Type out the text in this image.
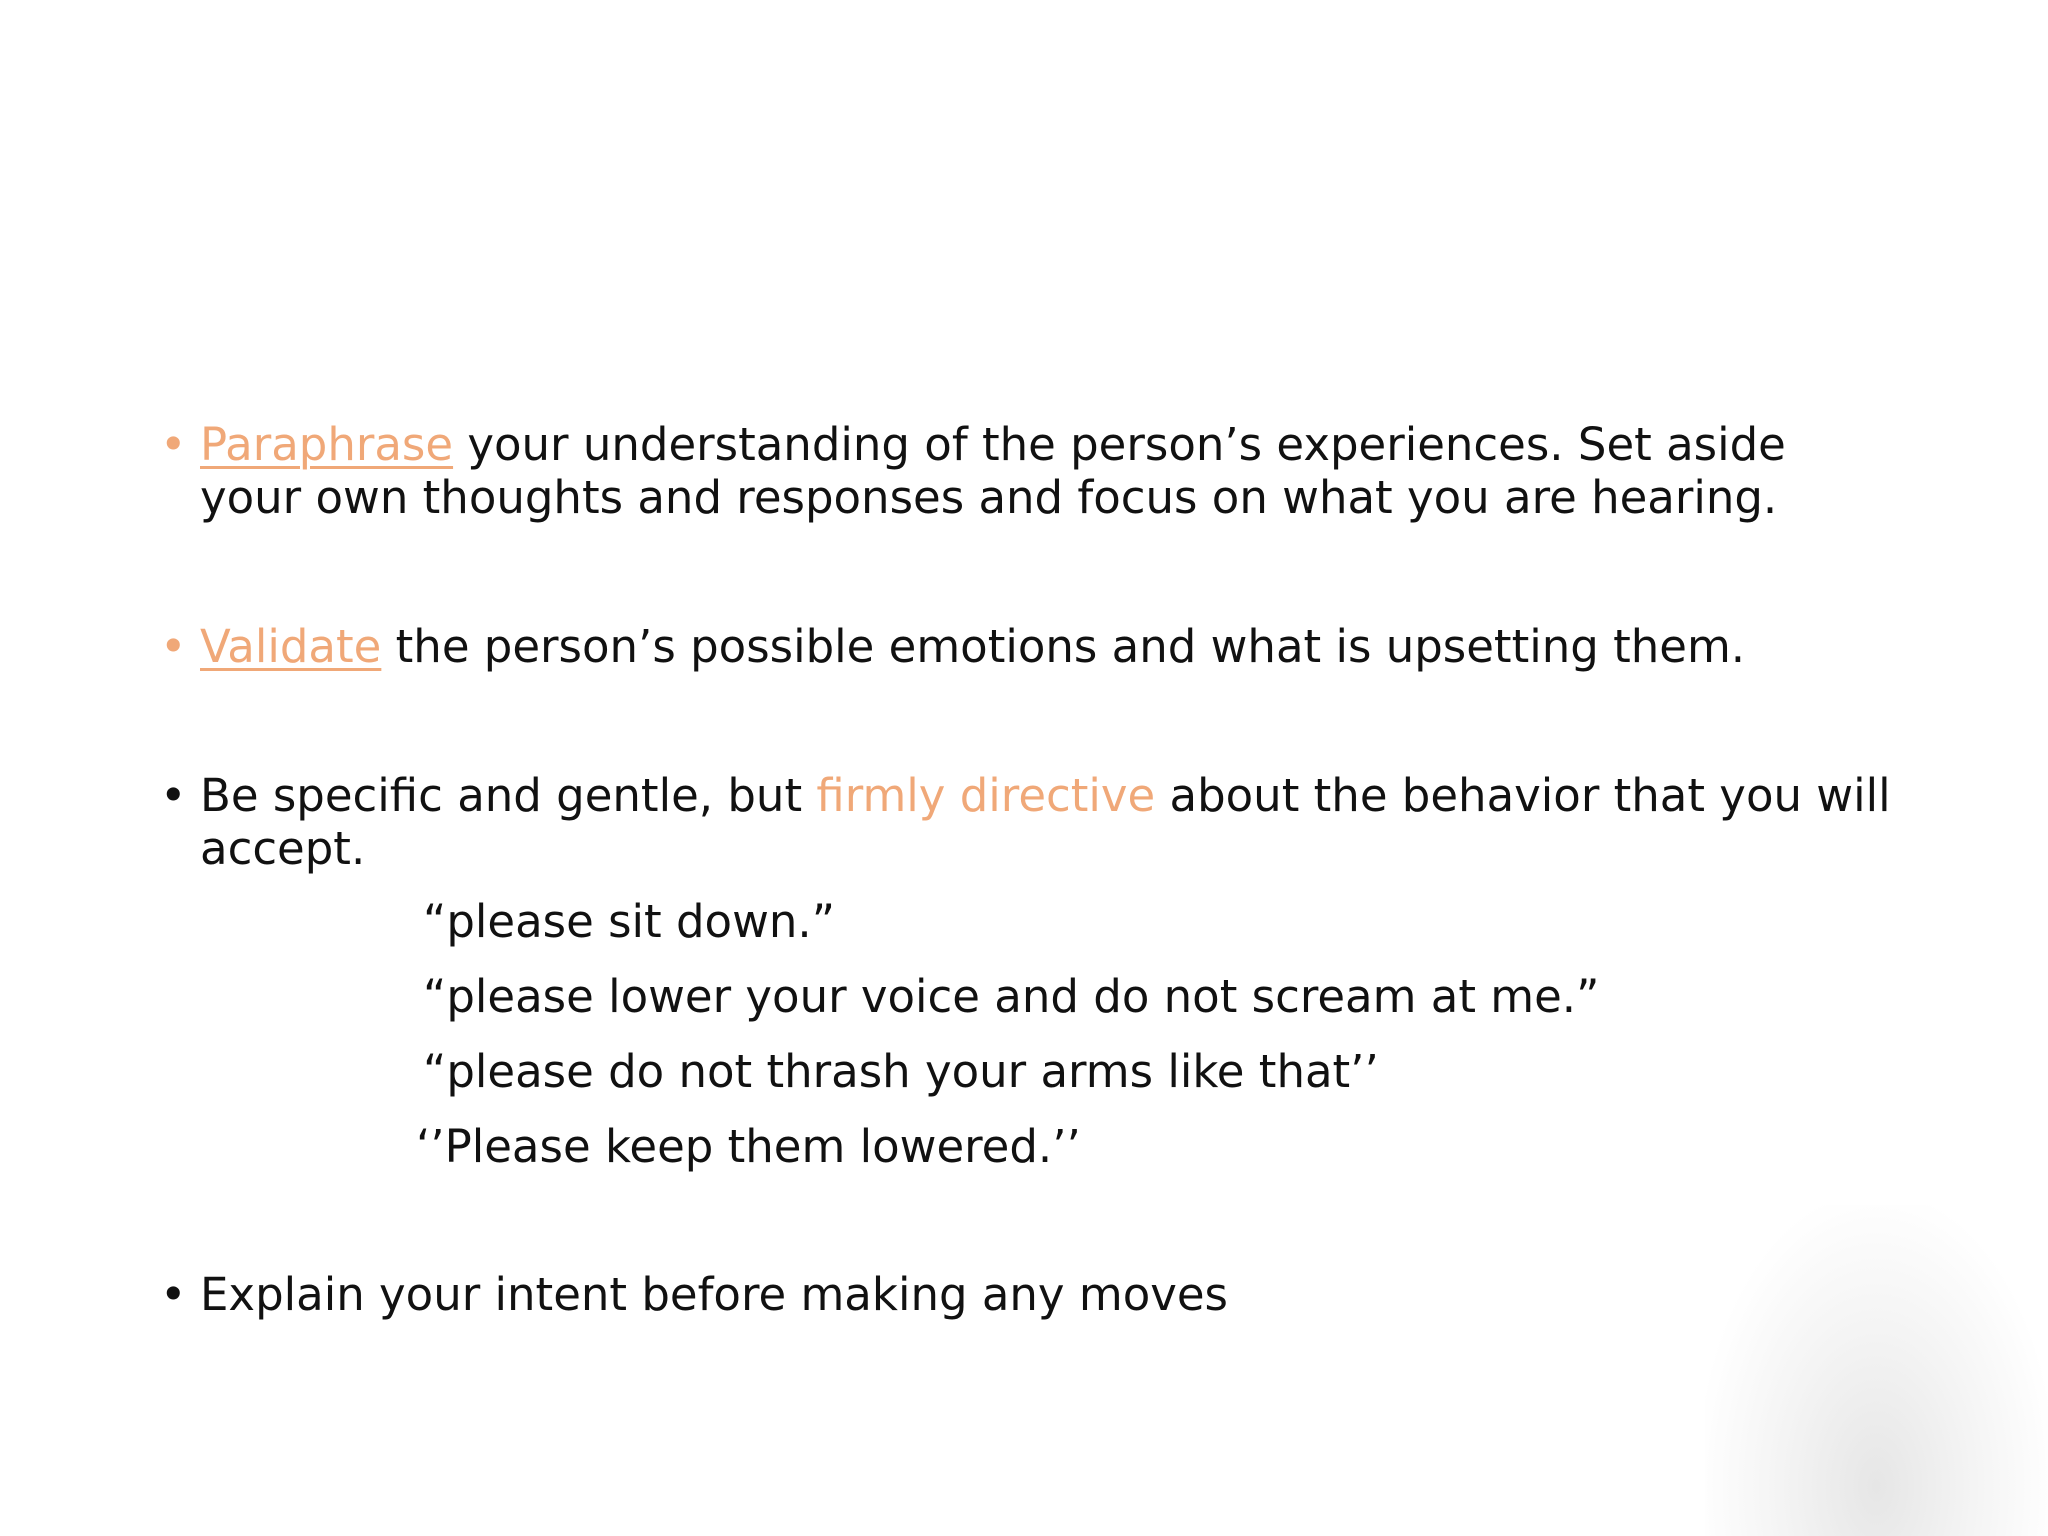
• Paraphrase your understanding of the person’s experiences. Set aside your own thoughts and responses and focus on what you are hearing.
• Validate the person’s possible emotions and what is upsetting them.
• Be specific and gentle, but firmly directive about the behavior that you will accept.
“please sit down.”
“please lower your voice and do not scream at me.”
“please do not thrash your arms like that’’
‘’Please keep them lowered.’’
• Explain your intent before making any moves
